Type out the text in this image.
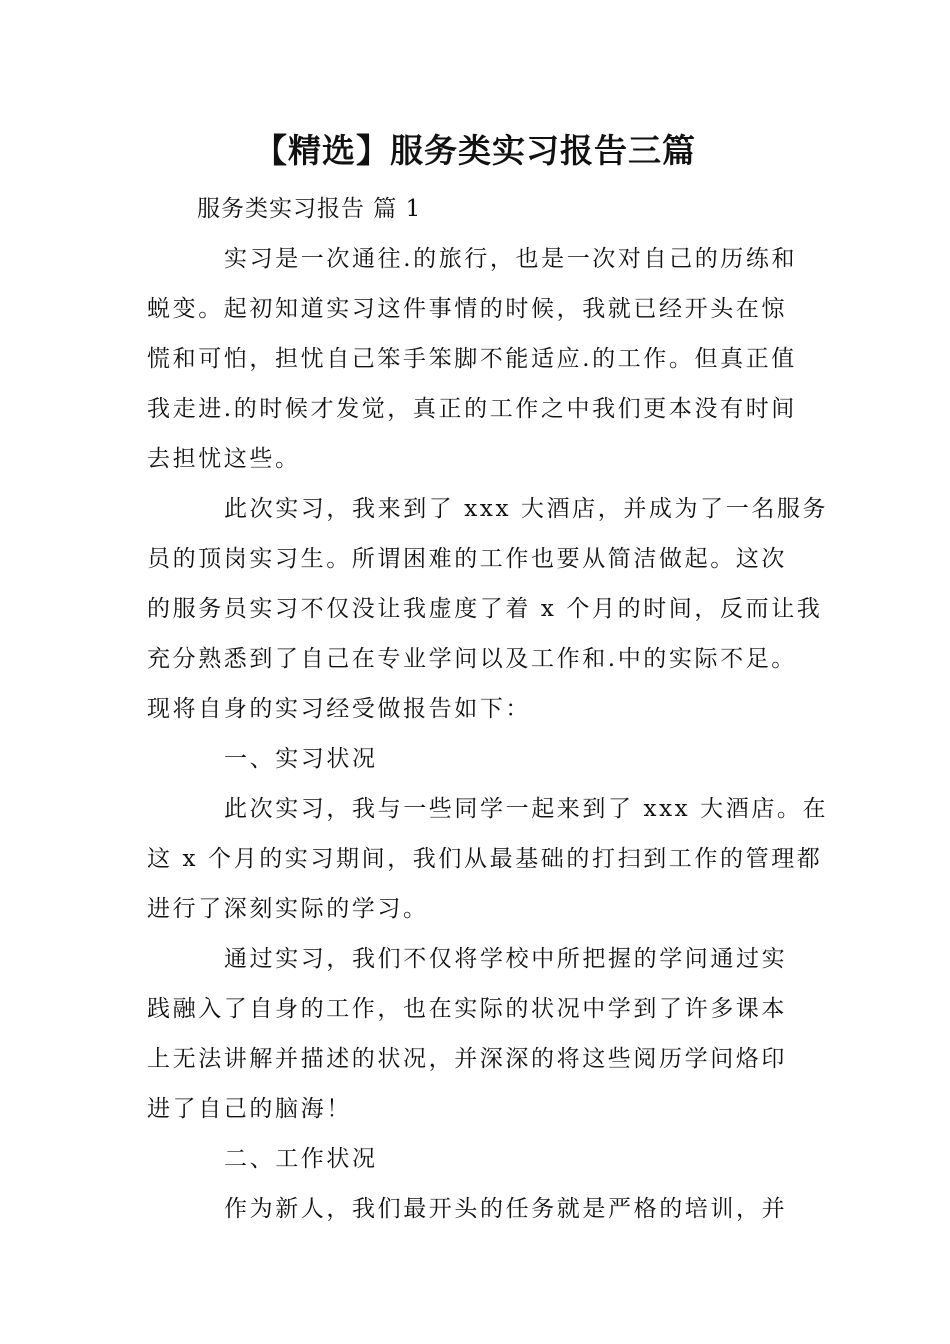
【精选】服务类实习报告三篇
服务类实习报告 篇 1
实习是一次通往.的旅行，也是一次对自己的历练和
蜕变。起初知道实习这件事情的时候，我就已经开头在惊
慌和可怕，担忧自己笨手笨脚不能适应.的工作。但真正值
我走进.的时候才发觉，真正的工作之中我们更本没有时间
去担忧这些。
此次实习，我来到了 xxx 大酒店，并成为了一名服务
员的顶岗实习生。所谓困难的工作也要从简洁做起。这次
的服务员实习不仅没让我虚度了着 x 个月的时间，反而让我
充分熟悉到了自己在专业学问以及工作和.中的实际不足。
现将自身的实习经受做报告如下：
一、实习状况
此次实习，我与一些同学一起来到了 xxx 大酒店。在
这 x 个月的实习期间，我们从最基础的打扫到工作的管理都
进行了深刻实际的学习。
通过实习，我们不仅将学校中所把握的学问通过实
践融入了自身的工作，也在实际的状况中学到了许多课本
上无法讲解并描述的状况，并深深的将这些阅历学问烙印
进了自己的脑海！
二、工作状况
作为新人，我们最开头的任务就是严格的培训，并
